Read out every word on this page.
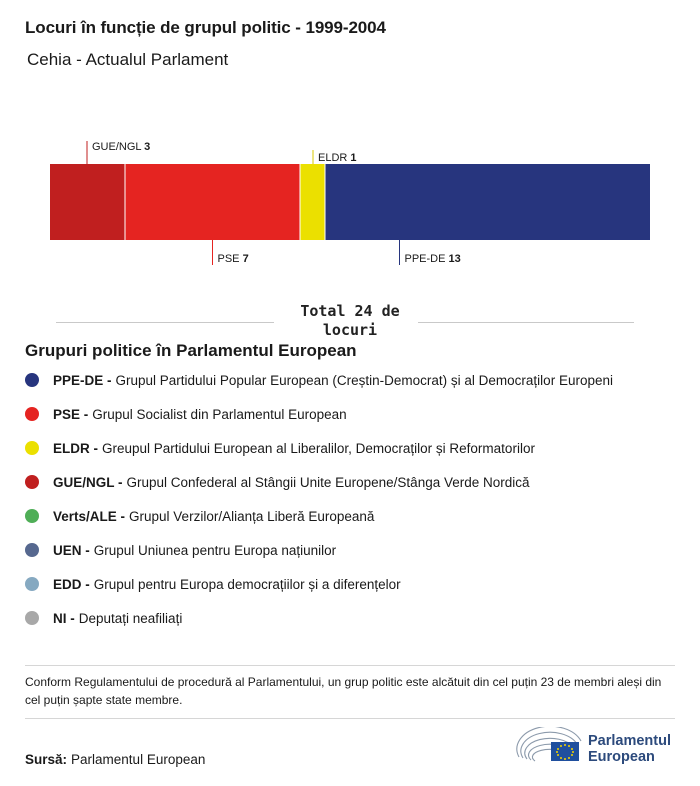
Locuri în funcție de grupul politic - 1999-2004
Cehia - Actualul Parlament
GUE/NGL 3
PSE 7
ELDR 1
PPE-DE 13
Total 24 de locuri
Grupuri politice în Parlamentul European
PPE-DE - Grupul Partidului Popular European (Creștin-Democrat) și al Democraților Europeni
PSE - Grupul Socialist din Parlamentul European
ELDR - Greupul Partidului European al Liberalilor, Democraților și Reformatorilor
GUE/NGL - Grupul Confederal al Stângii Unite Europene/Stânga Verde Nordică
Verts/ALE - Grupul Verzilor/Alianța Liberă Europeană
UEN - Grupul Uniunea pentru Europa națiunilor
EDD - Grupul pentru Europa democrațiilor și a diferențelor
NI - Deputați neafiliați
Conform Regulamentului de procedură al Parlamentului, un grup politic este alcătuit din cel puțin 23 de membri aleși din cel puțin șapte state membre.
Sursă: Parlamentul European
Parlamentul
European
